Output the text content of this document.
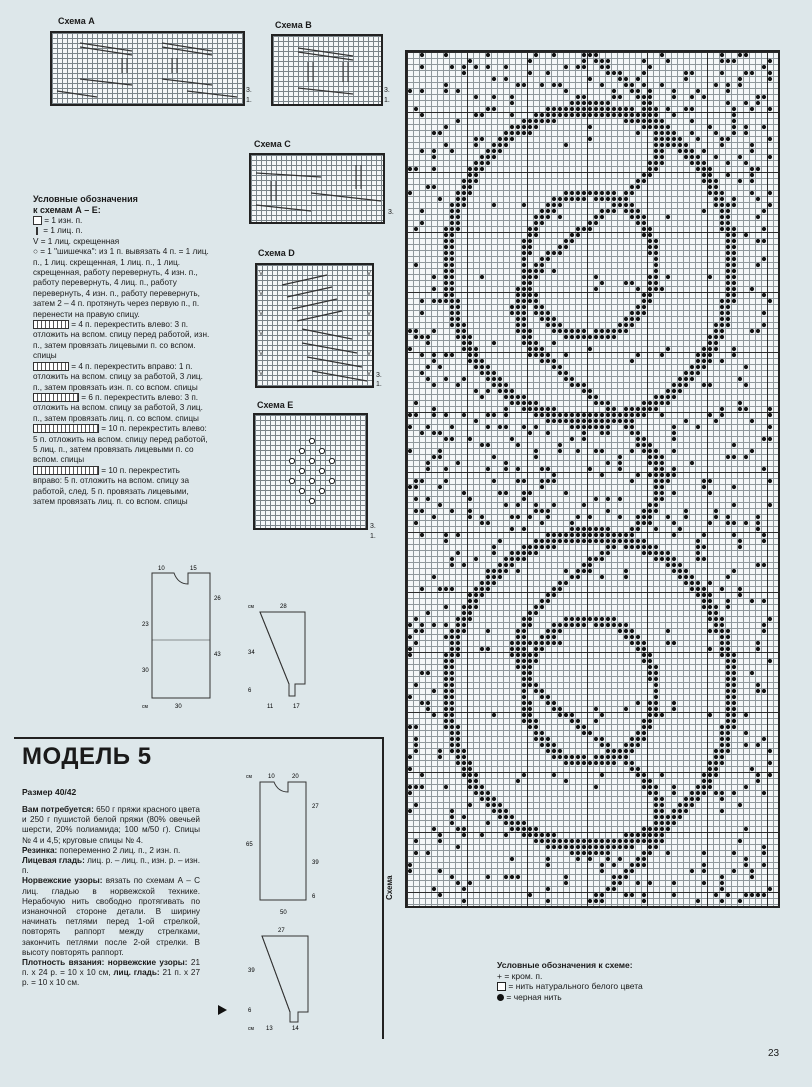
Схема А
3.
1.
Схема В
3.
1.
Схема С
3.
Схема D
V
V
V
V
V
V
V
V
V
V
V
V 3.
1.
Схема Е
3.
1.
Условные обозначения
к схемам А – Е:
= 1 изн. п.
= 1 лиц. п.
V = 1 лиц. скрещенная
○ = 1 "шишечка": из 1 п. вывязать 4 п. = 1 лиц. п., 1 лиц. скрещенная, 1 лиц. п., 1 лиц. скрещенная, работу перевернуть, 4 изн. п., работу перевернуть, 4 лиц. п., работу перевернуть, 4 изн. п., работу перевернуть, затем 2 – 4 п. протянуть через первую п., п. перенести на правую спицу.
= 4 п. перекрестить влево: 3 п. отложить на вспом. спицу перед работой, изн. п., затем провязать лицевыми п. со вспом. спицы
= 4 п. перекрестить вправо: 1 п. отложить на вспом. спицу за работой, 3 лиц. п., затем провязать изн. п. со вспом. спицы
= 6 п. перекрестить влево: 3 п. отложить на вспом. спицу за работой, 3 лиц. п., затем провязать лиц. п. со вспом. спицы
= 10 п. перекрестить влево: 5 п. отложить на вспом. спицу перед работой, 5 лиц. п., затем провязать лицевыми п. со вспом. спицы
= 10 п. перекрестить вправо: 5 п. отложить на вспом. спицу за работой, след. 5 п. провязать лицевыми, затем провязать лиц. п. со вспом. спицы
10	15
26
23
43
30
30
см
28
34
11	17
6
см
МОДЕЛЬ 5
Размер 40/42
Вам потребуется: 650 г пряжи красного цвета и 250 г пушистой белой пряжи (80% овечьей шерсти, 20% полиамида; 100 м/50 г). Спицы № 4 и 4,5; круговые спицы № 4.
Резинка: попеременно 2 лиц. п., 2 изн. п.
Лицевая гладь: лиц. р. – лиц. п., изн. р. – изн. п.
Норвежские узоры: вязать по схемам А – С лиц. гладью в норвежской технике. Нерабочую нить свободно протягивать по изнаночной стороне детали. В ширину начинать петлями перед 1-ой стрелкой, повторять раппорт между стрелками, закончить петлями после 2-ой стрелки. В высоту повторять раппорт.
Плотность вязания: норвежские узоры: 21 п. х 24 р. = 10 х 10 см, лиц. гладь: 21 п. х 27 р. = 10 х 10 см.
10	20
27
65
39
6
50
см
27
39
6
13	14
см
Схема
Условные обозначения к схеме:
+ = кром. п.
= нить натурального белого цвета
= черная нить
23
